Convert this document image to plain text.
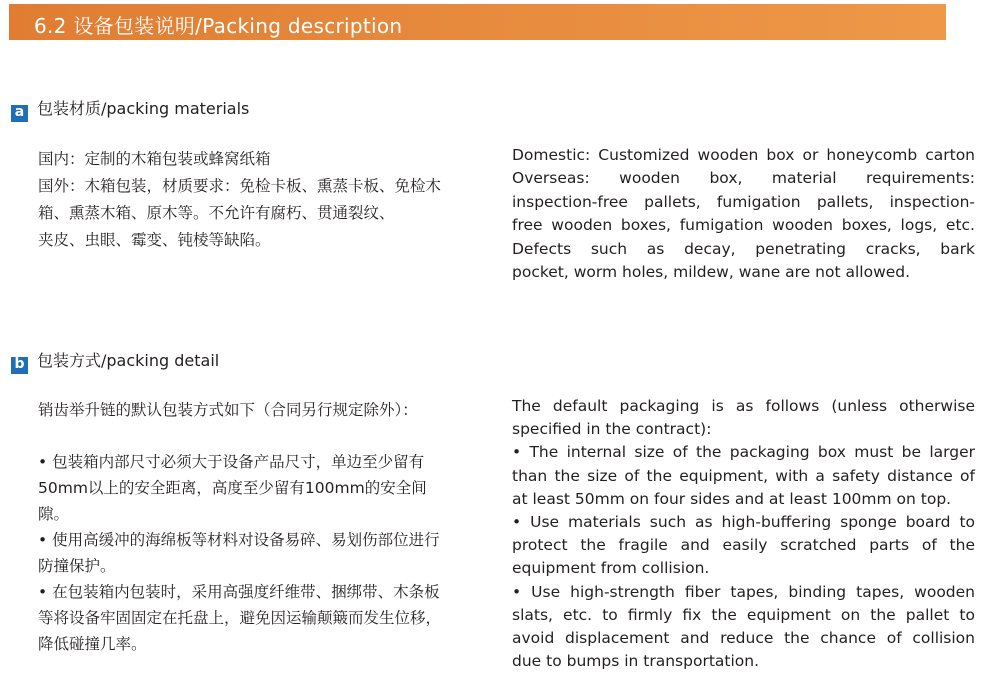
6.2 设备包装说明/Packing description
a 包装材质/packing materials
国内：定制的木箱包装或蜂窝纸箱
国外：木箱包装，材质要求：免检卡板、熏蒸卡板、免检木
箱、熏蒸木箱、原木等。不允许有腐朽、贯通裂纹、
夹皮、虫眼、霉变、钝棱等缺陷。
Domestic: Customized wooden box or honeycomb carton
Overseas: wooden box, material requirements:
inspection-free pallets, fumigation pallets, inspection-
free wooden boxes, fumigation wooden boxes, logs, etc.
Defects such as decay, penetrating cracks, bark
pocket, worm holes, mildew, wane are not allowed.
b 包装方式/packing detail
销齿举升链的默认包装方式如下（合同另行规定除外）：
• 包装箱内部尺寸必须大于设备产品尺寸，单边至少留有
50mm以上的安全距离，高度至少留有100mm的安全间
隙。
• 使用高缓冲的海绵板等材料对设备易碎、易划伤部位进行
防撞保护。
• 在包装箱内包装时，采用高强度纤维带、捆绑带、木条板
等将设备牢固固定在托盘上，避免因运输颠簸而发生位移，
降低碰撞几率。
The default packaging is as follows (unless otherwise
specified in the contract):
• The internal size of the packaging box must be larger
than the size of the equipment, with a safety distance of
at least 50mm on four sides and at least 100mm on top.
• Use materials such as high-buffering sponge board to
protect the fragile and easily scratched parts of the
equipment from collision.
• Use high-strength fiber tapes, binding tapes, wooden
slats, etc. to firmly fix the equipment on the pallet to
avoid displacement and reduce the chance of collision
due to bumps in transportation.
